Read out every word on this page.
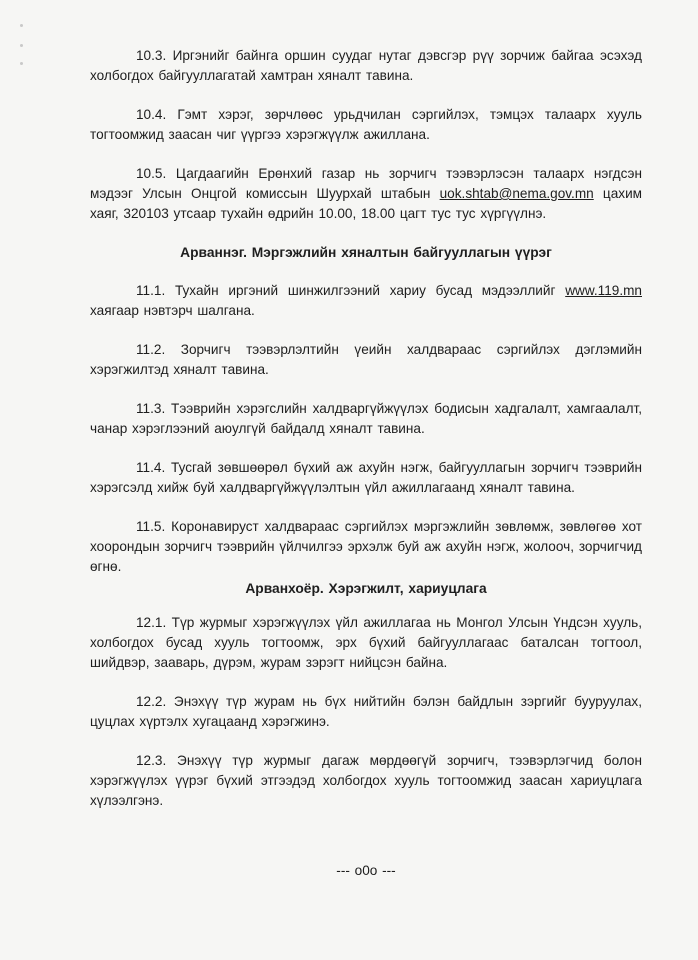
10.3. Иргэнийг байнга оршин суудаг нутаг дэвсгэр рүү зорчиж байгаа эсэхэд холбогдох байгууллагатай хамтран хяналт тавина.

10.4. Гэмт хэрэг, зөрчлөөс урьдчилан сэргийлэх, тэмцэх талаарх хууль тогтоомжид заасан чиг үүргээ хэрэгжүүлж ажиллана.

10.5. Цагдаагийн Ерөнхий газар нь зорчигч тээвэрлэсэн талаарх нэгдсэн мэдээг Улсын Онцгой комиссын Шуурхай штабын uok.shtab@nema.gov.mn цахим хаяг, 320103 утсаар тухайн өдрийн 10.00, 18.00 цагт тус тус хүргүүлнэ.

Арваннэг. Мэргэжлийн хяналтын байгууллагын үүрэг

11.1. Тухайн иргэний шинжилгээний хариу бусад мэдээллийг www.119.mn хаягаар нэвтэрч шалгана.

11.2. Зорчигч тээвэрлэлтийн үеийн халдвараас сэргийлэх дэглэмийн хэрэгжилтэд хяналт тавина.

11.3. Тээврийн хэрэгслийн халдваргүйжүүлэх бодисын хадгалалт, хамгаалалт, чанар хэрэглээний аюулгүй байдалд хяналт тавина.

11.4. Тусгай зөвшөөрөл бүхий аж ахуйн нэгж, байгууллагын зорчигч тээврийн хэрэгсэлд хийж буй халдваргүйжүүлэлтын үйл ажиллагаанд хяналт тавина.

11.5. Коронавируст халдвараас сэргийлэх мэргэжлийн зөвлөмж, зөвлөгөө хот хоорондын зорчигч тээврийн үйлчилгээ эрхэлж буй аж ахуйн нэгж, жолооч, зорчигчид өгнө.

Арванхоёр. Хэрэгжилт, хариуцлага

12.1. Түр журмыг хэрэгжүүлэх үйл ажиллагаа нь Монгол Улсын Үндсэн хууль, холбогдох бусад хууль тогтоомж, эрх бүхий байгууллагаас баталсан тогтоол, шийдвэр, зааварь, дүрэм, журам зэрэгт нийцсэн байна.

12.2. Энэхүү түр журам нь бүх нийтийн бэлэн байдлын зэргийг бууруулах, цуцлах хүртэлх хугацаанд хэрэгжинэ.

12.3. Энэхүү түр журмыг дагаж мөрдөөгүй зорчигч, тээвэрлэгчид болон хэрэгжүүлэх үүрэг бүхий этгээдэд холбогдох хууль тогтоомжид заасан хариуцлага хүлээлгэнэ.

--- o0o ---
